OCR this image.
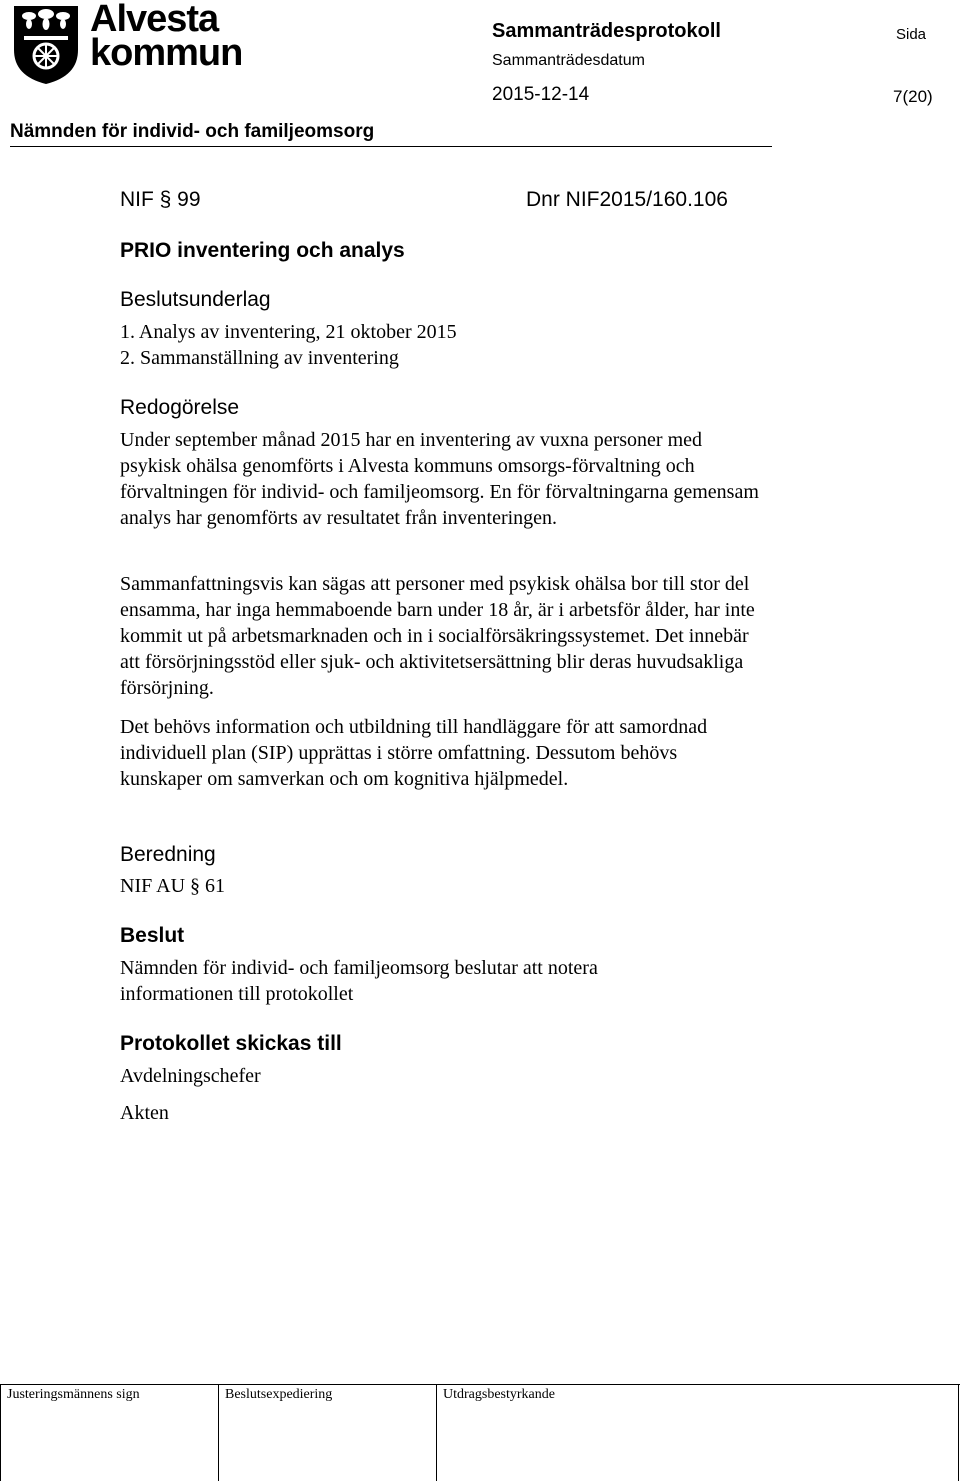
Alvesta
kommun
Sammanträdesprotokoll	Sida
Sammanträdesdatum
2015-12-14	7(20)
Nämnden för individ- och familjeomsorg
NIF § 99	Dnr NIF2015/160.106
PRIO inventering och analys
Beslutsunderlag
1. Analys av inventering, 21 oktober 2015
2. Sammanställning av inventering
Redogörelse

Under september månad 2015 har en inventering av vuxna personer med psykisk ohälsa genomförts i Alvesta kommuns omsorgs-förvaltning och förvaltningen för individ- och familjeomsorg. En för förvaltningarna gemensam analys har genomförts av resultatet från inventeringen.

Sammanfattningsvis kan sägas att personer med psykisk ohälsa bor till stor del ensamma, har inga hemmaboende barn under 18 år, är i arbetsför ålder, har inte kommit ut på arbetsmarknaden och in i socialförsäkringssystemet. Det innebär att försörjningsstöd eller sjuk- och aktivitetsersättning blir deras huvudsakliga försörjning.

Det behövs information och utbildning till handläggare för att samordnad individuell plan (SIP) upprättas i större omfattning. Dessutom behövs kunskaper om samverkan och om kognitiva hjälpmedel.

Beredning
NIF AU § 61
Beslut
Nämnden för individ- och familjeomsorg beslutar att notera
informationen till protokollet
Protokollet skickas till
Avdelningschefer
Akten
Justeringsmännens sign	Beslutsexpediering	Utdragsbestyrkande
